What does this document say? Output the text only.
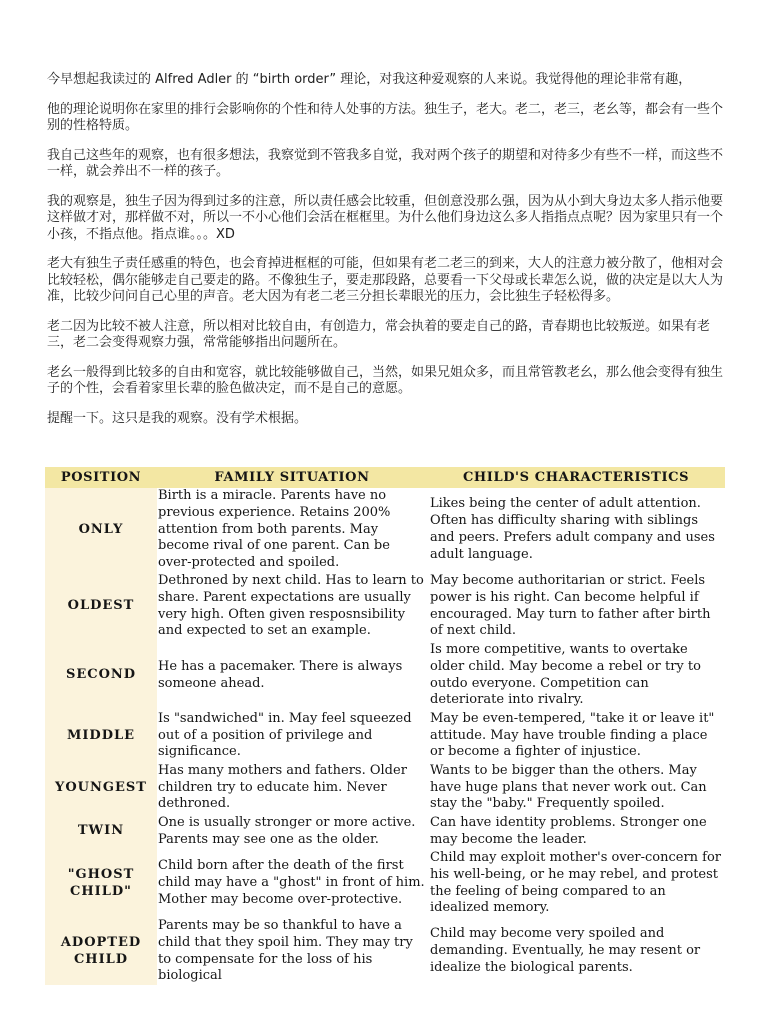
今早想起我读过的 Alfred Adler 的 “birth order” 理论，对我这种爱观察的人来说。我觉得他的理论非常有趣，

他的理论说明你在家里的排行会影响你的个性和待人处事的方法。独生子，老大。老二，老三，老幺等，都会有一些个别的性格特质。

我自己这些年的观察，也有很多想法，我察觉到不管我多自觉，我对两个孩子的期望和对待多少有些不一样，而这些不一样，就会养出不一样的孩子。

我的观察是，独生子因为得到过多的注意，所以责任感会比较重，但创意没那么强，因为从小到大身边太多人指示他要这样做才对，那样做不对，所以一不小心他们会活在框框里。为什么他们身边这么多人指指点点呢？因为家里只有一个小孩，不指点他。指点谁。。。XD

老大有独生子责任感重的特色，也会育掉进框框的可能，但如果有老二老三的到来，大人的注意力被分散了，他相对会比较轻松，偶尔能够走自己要走的路。不像独生子，要走那段路，总要看一下父母或长辈怎么说，做的决定是以大人为准，比较少问问自己心里的声音。老大因为有老二老三分担长辈眼光的压力，会比独生子轻松得多。

老二因为比较不被人注意，所以相对比较自由，有创造力，常会执着的要走自己的路，青春期也比较叛逆。如果有老三，老二会变得观察力强，常常能够指出问题所在。

老幺一般得到比较多的自由和宽容，就比较能够做自己，当然，如果兄姐众多，而且常管教老幺，那么他会变得有独生子的个性，会看着家里长辈的脸色做决定，而不是自己的意愿。

提醒一下。这只是我的观察。没有学术根据。

POSITION	FAMILY SITUATION	CHILD'S CHARACTERISTICS
ONLY	Birth is a miracle. Parents have no previous experience. Retains 200% attention from both parents. May become rival of one parent. Can be over-protected and spoiled.	Likes being the center of adult attention. Often has difficulty sharing with siblings and peers. Prefers adult company and uses adult language.
OLDEST	Dethroned by next child. Has to learn to share. Parent expectations are usually very high. Often given resposnsibility and expected to set an example.	May become authoritarian or strict. Feels power is his right. Can become helpful if encouraged. May turn to father after birth of next child.
SECOND	He has a pacemaker. There is always someone ahead.	Is more competitive, wants to overtake older child. May become a rebel or try to outdo everyone. Competition can deteriorate into rivalry.
MIDDLE	Is "sandwiched" in. May feel squeezed out of a position of privilege and significance.	May be even-tempered, "take it or leave it" attitude. May have trouble finding a place or become a fighter of injustice.
YOUNGEST	Has many mothers and fathers. Older children try to educate him. Never dethroned.	Wants to be bigger than the others. May have huge plans that never work out. Can stay the "baby." Frequently spoiled.
TWIN	One is usually stronger or more active. Parents may see one as the older.	Can have identity problems. Stronger one may become the leader.
"GHOST CHILD"	Child born after the death of the first child may have a "ghost" in front of him. Mother may become over-protective.	Child may exploit mother's over-concern for his well-being, or he may rebel, and protest the feeling of being compared to an idealized memory.
ADOPTED CHILD	Parents may be so thankful to have a child that they spoil him. They may try to compensate for the loss of his biological	Child may become very spoiled and demanding. Eventually, he may resent or idealize the biological parents.
